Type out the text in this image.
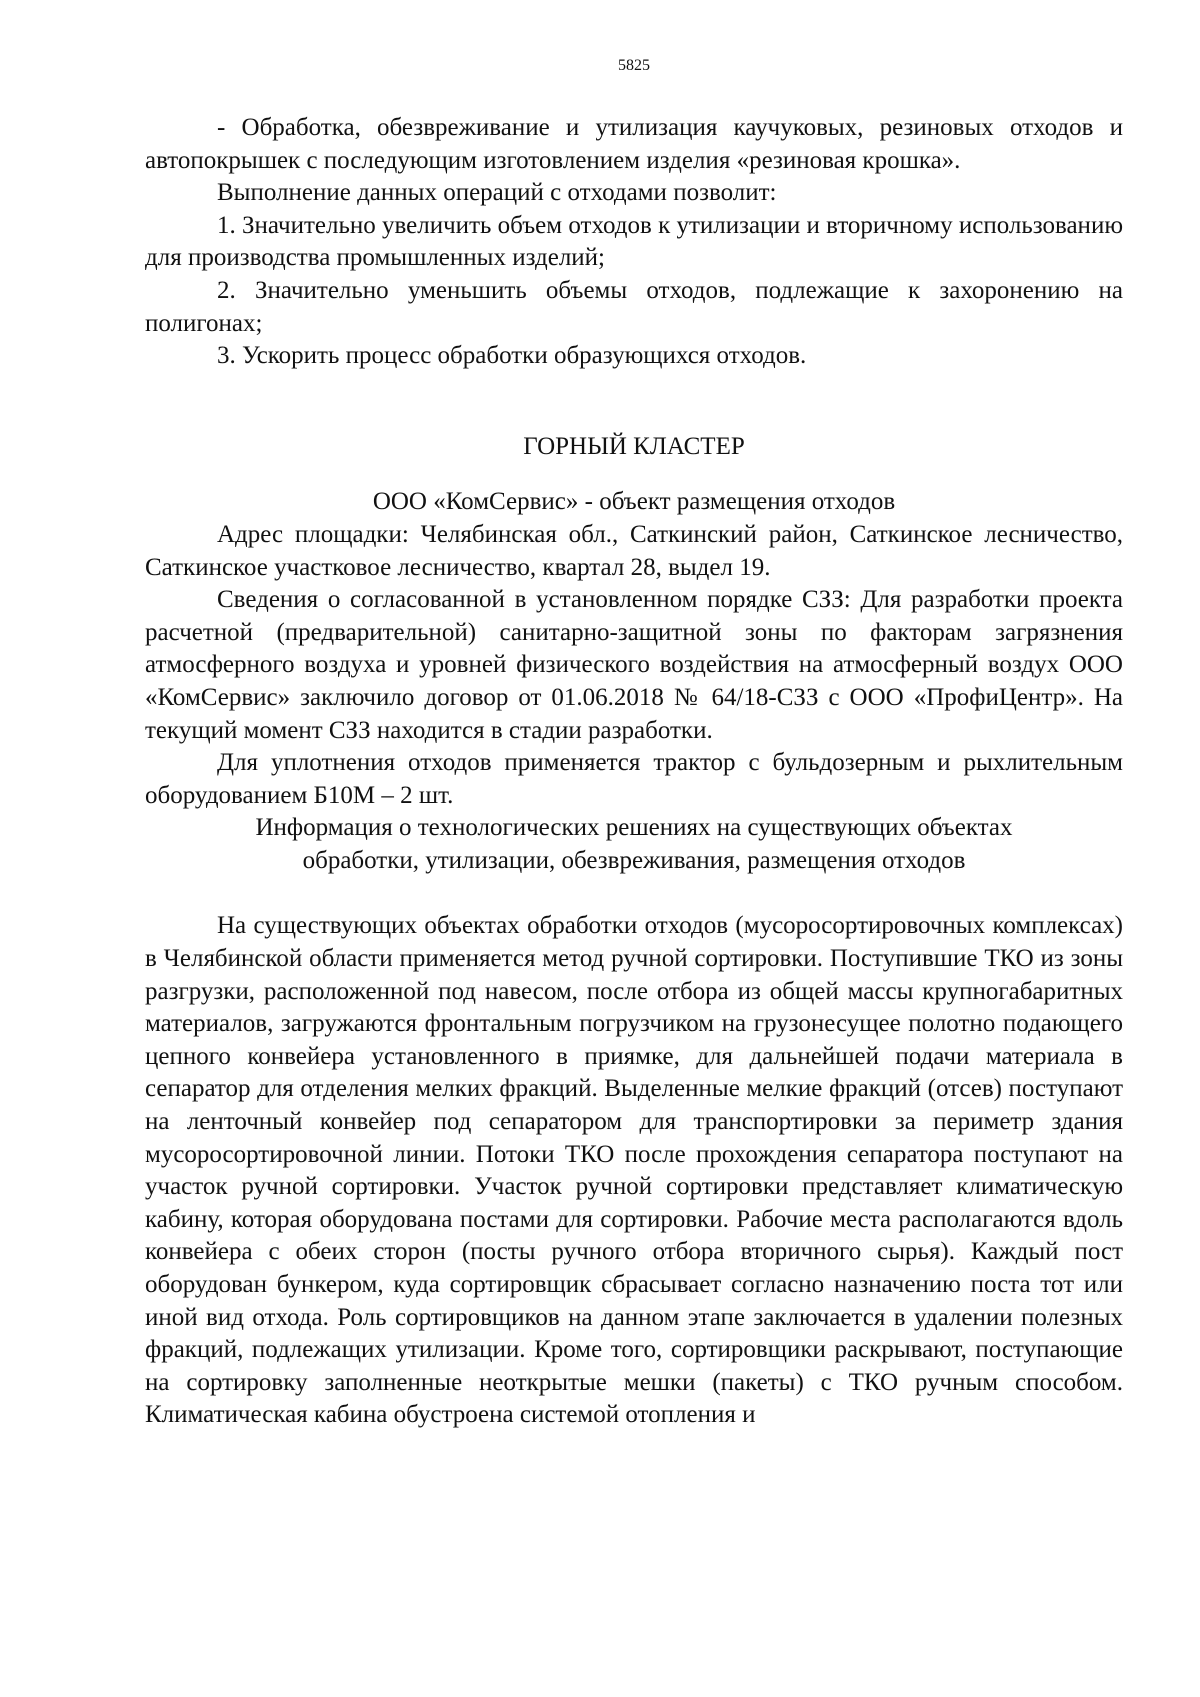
5825

- Обработка, обезвреживание и утилизация каучуковых, резиновых отходов и автопокрышек с последующим изготовлением изделия «резиновая крошка».

Выполнение данных операций с отходами позволит:

1. Значительно увеличить объем отходов к утилизации и вторичному использованию для производства промышленных изделий;

2. Значительно уменьшить объемы отходов, подлежащие к захоронению на полигонах;

3. Ускорить процесс обработки образующихся отходов.

ГОРНЫЙ КЛАСТЕР

ООО «КомСервис» - объект размещения отходов

Адрес площадки: Челябинская обл., Саткинский район, Саткинское лесничество, Саткинское участковое лесничество, квартал 28, выдел 19.

Сведения о согласованной в установленном порядке СЗЗ: Для разработки проекта расчетной (предварительной) санитарно-защитной зоны по факторам загрязнения атмосферного воздуха и уровней физического воздействия на атмосферный воздух ООО «КомСервис» заключило договор от 01.06.2018 № 64/18-СЗЗ с ООО «ПрофиЦентр». На текущий момент СЗЗ находится в стадии разработки.

Для уплотнения отходов применяется трактор с бульдозерным и рыхлительным оборудованием Б10М – 2 шт.

Информация о технологических решениях на существующих объектах

обработки, утилизации, обезвреживания, размещения отходов

На существующих объектах обработки отходов (мусоросортировочных комплексах) в Челябинской области применяется метод ручной сортировки. Поступившие ТКО из зоны разгрузки, расположенной под навесом, после отбора из общей массы крупногабаритных материалов, загружаются фронтальным погрузчиком на грузонесущее полотно подающего цепного конвейера установленного в приямке, для дальнейшей подачи материала в сепаратор для отделения мелких фракций. Выделенные мелкие фракций (отсев) поступают на ленточный конвейер под сепаратором для транспортировки за периметр здания мусоросортировочной линии. Потоки ТКО после прохождения сепаратора поступают на участок ручной сортировки. Участок ручной сортировки представляет климатическую кабину, которая оборудована постами для сортировки. Рабочие места располагаются вдоль конвейера с обеих сторон (посты ручного отбора вторичного сырья). Каждый пост оборудован бункером, куда сортировщик сбрасывает согласно назначению поста тот или иной вид отхода. Роль сортировщиков на данном этапе заключается в удалении полезных фракций, подлежащих утилизации. Кроме того, сортировщики раскрывают, поступающие на сортировку заполненные неоткрытые мешки (пакеты) с ТКО ручным способом. Климатическая кабина обустроена системой отопления и
